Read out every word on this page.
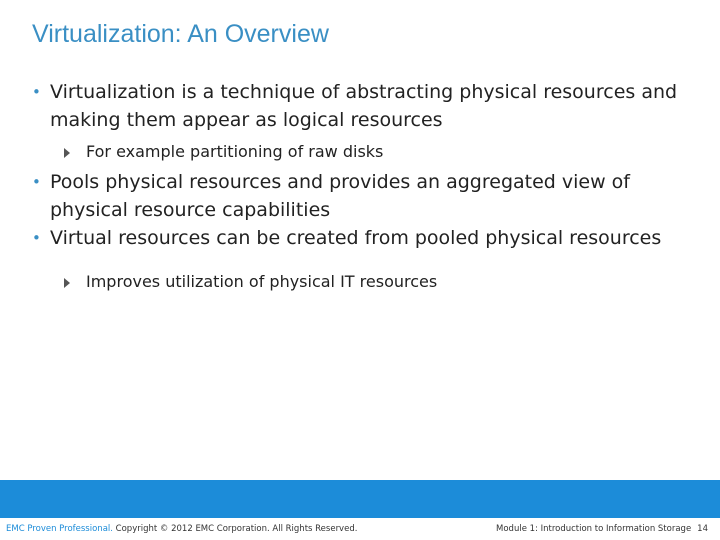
Virtualization: An Overview
• Virtualization is a technique of abstracting physical resources and making them appear as logical resources
For example partitioning of raw disks
• Pools physical resources and provides an aggregated view of physical resource capabilities
• Virtual resources can be created from pooled physical resources
Improves utilization of physical IT resources
EMC Proven Professional. Copyright © 2012 EMC Corporation. All Rights Reserved.	Module 1: Introduction to Information Storage 14
